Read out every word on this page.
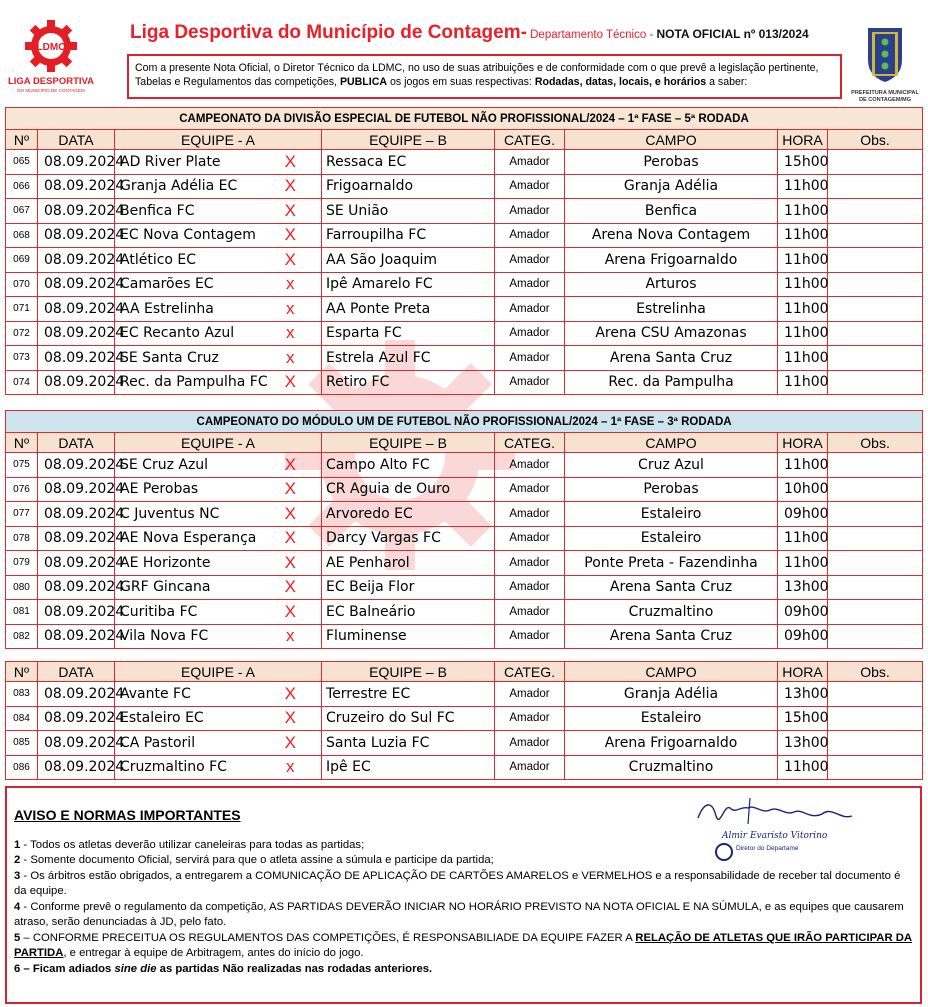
LDMC
LIGA DESPORTIVA
DO MUNICÍPIO DE CONTAGEM
Liga Desportiva do Município de Contagem- Departamento Técnico - NOTA OFICIAL nº 013/2024
Com a presente Nota Oficial, o Diretor Técnico da LDMC, no uso de suas atribuições e de conformidade com o que prevê a legislação pertinente, Tabelas e Regulamentos das competições, PUBLICA os jogos em suas respectivas: Rodadas, datas, locais, e horários a saber:
PREFEITURA MUNICIPAL
DE CONTAGEM/MG
CAMPEONATO DA DIVISÃO ESPECIAL DE FUTEBOL NÃO PROFISSIONAL/2024 – 1ª FASE – 5ª RODADA								
Nº	DATA	EQUIPE - A		EQUIPE – B	CATEG.	CAMPO	HORA	Obs.
065	08.09.2024	AD River Plate	X	Ressaca EC	Amador	Perobas	15h00	
066	08.09.2024	Granja Adélia EC	X	Frigoarnaldo	Amador	Granja Adélia	11h00	
067	08.09.2024	Benfica FC	X	SE União	Amador	Benfica	11h00	
068	08.09.2024	EC Nova Contagem	X	Farroupilha FC	Amador	Arena Nova Contagem	11h00	
069	08.09.2024	Atlético EC	X	AA São Joaquim	Amador	Arena Frigoarnaldo	11h00	
070	08.09.2024	Camarões EC	x	Ipê Amarelo FC	Amador	Arturos	11h00	
071	08.09.2024	AA Estrelinha	x	AA Ponte Preta	Amador	Estrelinha	11h00	
072	08.09.2024	EC Recanto Azul	x	Esparta FC	Amador	Arena CSU Amazonas	11h00	
073	08.09.2024	SE Santa Cruz	x	Estrela Azul FC	Amador	Arena Santa Cruz	11h00	
074	08.09.2024	Rec. da Pampulha FC	X	Retiro FC	Amador	Rec. da Pampulha	11h00	
CAMPEONATO DO MÓDULO UM DE FUTEBOL NÃO PROFISSIONAL/2024 – 1ª FASE – 3ª RODADA								
Nº	DATA	EQUIPE - A		EQUIPE – B	CATEG.	CAMPO	HORA	Obs.
075	08.09.2024	SE Cruz Azul	X	Campo Alto FC	Amador	Cruz Azul	11h00	
076	08.09.2024	AE Perobas	X	CR Aguia de Ouro	Amador	Perobas	10h00	
077	08.09.2024	C Juventus NC	X	Arvoredo EC	Amador	Estaleiro	09h00	
078	08.09.2024	AE Nova Esperança	X	Darcy Vargas FC	Amador	Estaleiro	11h00	
079	08.09.2024	AE Horizonte	X	AE Penharol	Amador	Ponte Preta - Fazendinha	11h00	
080	08.09.2024	GRF Gincana	X	EC Beija Flor	Amador	Arena Santa Cruz	13h00	
081	08.09.2024	Curitiba FC	X	EC Balneário	Amador	Cruzmaltino	09h00	
082	08.09.2024	Vila Nova FC	x	Fluminense	Amador	Arena Santa Cruz	09h00	
Nº	DATA	EQUIPE - A		EQUIPE – B	CATEG.	CAMPO	HORA	Obs.
083	08.09.2024	Avante FC	X	Terrestre EC	Amador	Granja Adélia	13h00	
084	08.09.2024	Estaleiro EC	X	Cruzeiro do Sul FC	Amador	Estaleiro	15h00	
085	08.09.2024	CA Pastoril	X	Santa Luzia FC	Amador	Arena Frigoarnaldo	13h00	
086	08.09.2024	Cruzmaltino FC	x	Ipê EC	Amador	Cruzmaltino	11h00	
AVISO E NORMAS IMPORTANTES

1 - Todos os atletas deverão utilizar caneleiras para todas as partidas;

2 - Somente documento Oficial, servirá para que o atleta assine a súmula e participe da partida;

3 - Os árbitros estão obrigados, a entregarem a COMUNICAÇÃO DE APLICAÇÃO DE CARTÕES AMARELOS e VERMELHOS e a responsabilidade de receber tal documento é da equipe.

4 - Conforme prevê o regulamento da competição, AS PARTIDAS DEVERÃO INICIAR NO HORÁRIO PREVISTO NA NOTA OFICIAL E NA SÚMULA, e as equipes que causarem atraso, serão denunciadas à JD, pelo fato.

5 – CONFORME PRECEITUA OS REGULAMENTOS DAS COMPETIÇÕES, É RESPONSABILIADE DA EQUIPE FAZER A RELAÇÃO DE ATLETAS QUE IRÃO PARTICIPAR DA PARTIDA, e entregar à equipe de Arbitragem, antes do início do jogo.

6 – Ficam adiados sine die as partidas Não realizadas nas rodadas anteriores.

Almir Evaristo Vitorino
Diretor do Departame
